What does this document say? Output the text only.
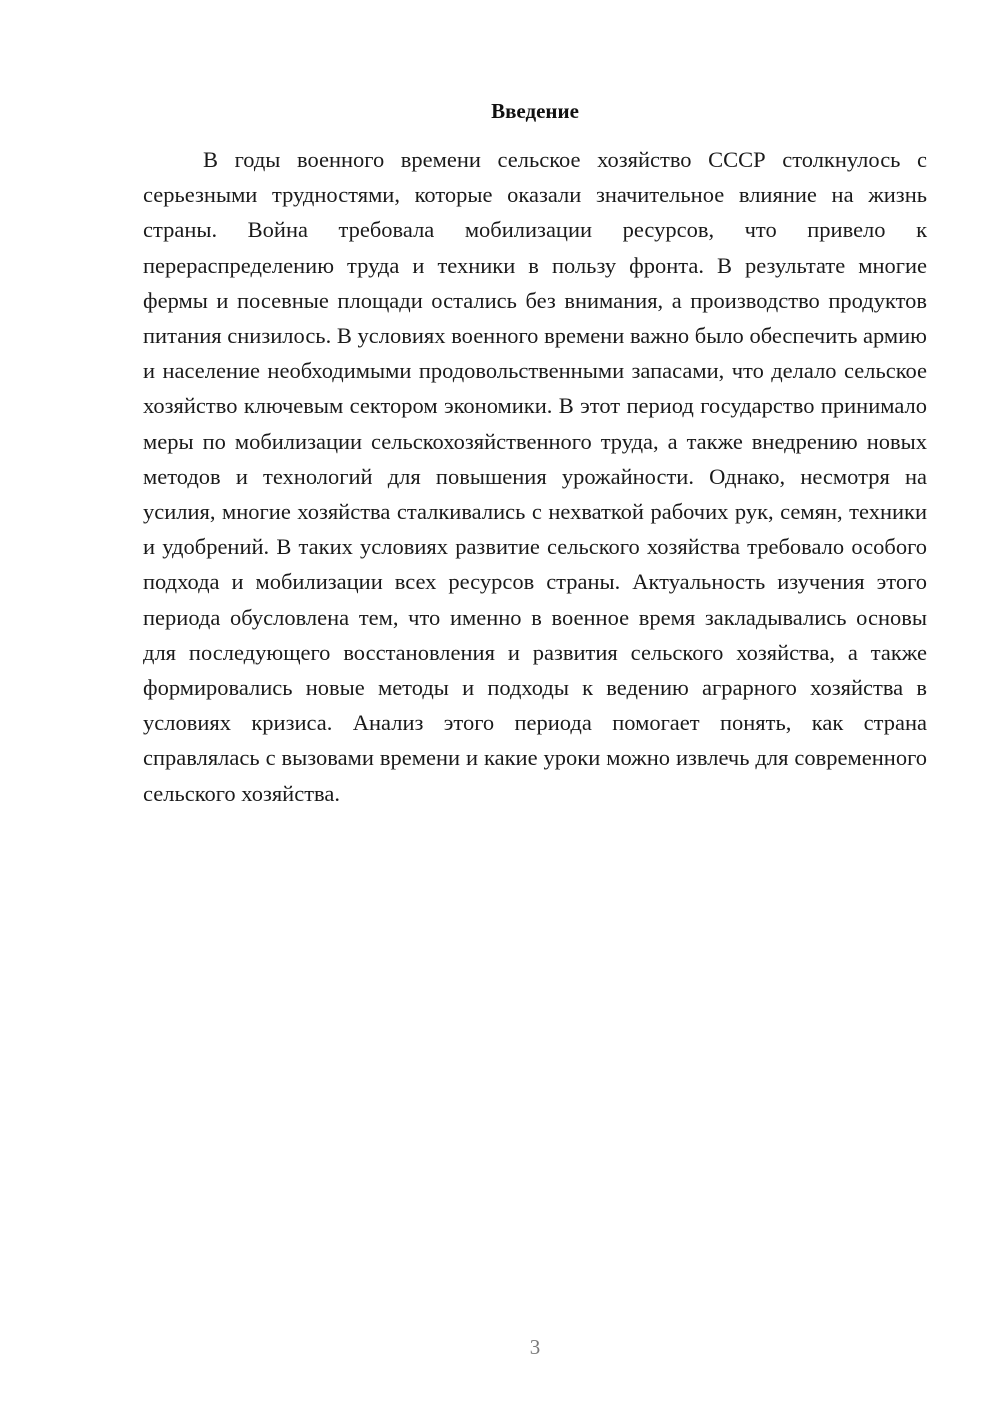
Введение

В годы военного времени сельское хозяйство СССР столкнулось с серьезными трудностями, которые оказали значительное влияние на жизнь страны. Война требовала мобилизации ресурсов, что привело к перераспределению труда и техники в пользу фронта. В результате многие фермы и посевные площади остались без внимания, а производство продуктов питания снизилось. В условиях военного времени важно было обеспечить армию и население необходимыми продовольственными запасами, что делало сельское хозяйство ключевым сектором экономики. В этот период государство принимало меры по мобилизации сельскохозяйственного труда, а также внедрению новых методов и технологий для повышения урожайности. Однако, несмотря на усилия, многие хозяйства сталкивались с нехваткой рабочих рук, семян, техники и удобрений. В таких условиях развитие сельского хозяйства требовало особого подхода и мобилизации всех ресурсов страны. Актуальность изучения этого периода обусловлена тем, что именно в военное время закладывались основы для последующего восстановления и развития сельского хозяйства, а также формировались новые методы и подходы к ведению аграрного хозяйства в условиях кризиса. Анализ этого периода помогает понять, как страна справлялась с вызовами времени и какие уроки можно извлечь для современного сельского хозяйства.

3
